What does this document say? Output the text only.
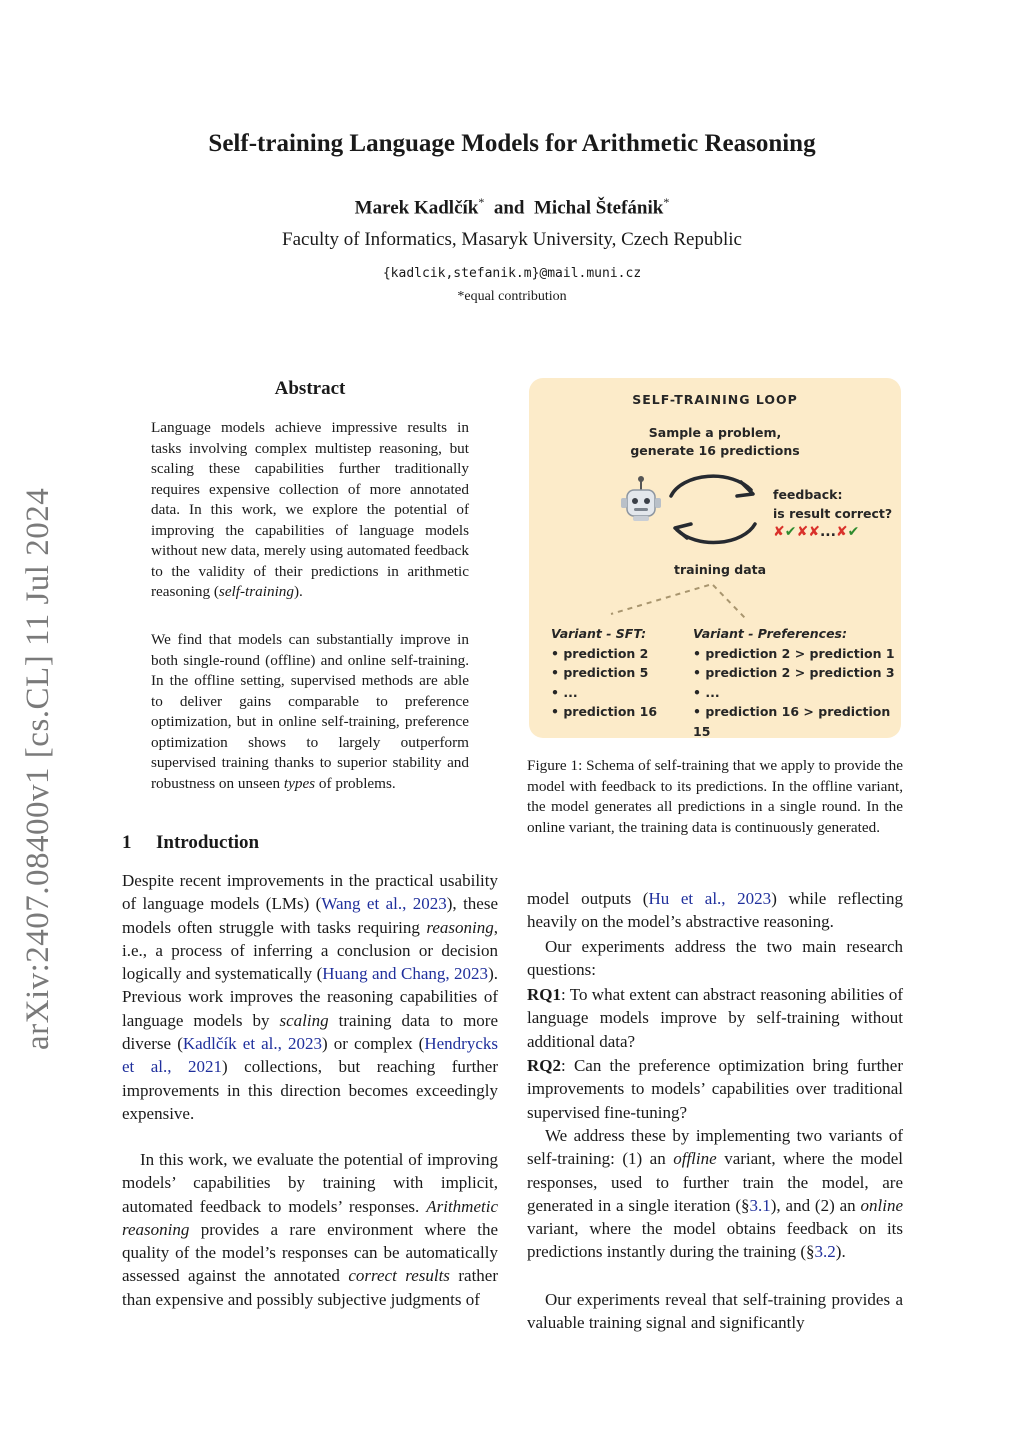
Self-training Language Models for Arithmetic Reasoning
Marek Kadlčík* and Michal Štefánik*
Faculty of Informatics, Masaryk University, Czech Republic
{kadlcik,stefanik.m}@mail.muni.cz
*equal contribution
arXiv:2407.08400v1 [cs.CL] 11 Jul 2024
Abstract
Language models achieve impressive results in tasks involving complex multistep reasoning, but scaling these capabilities further traditionally requires expensive collection of more annotated data. In this work, we explore the potential of improving the capabilities of language models without new data, merely using automated feedback to the validity of their predictions in arithmetic reasoning (self-training).
We find that models can substantially improve in both single-round (offline) and online self-training. In the offline setting, supervised methods are able to deliver gains comparable to preference optimization, but in online self-training, preference optimization shows to largely outperform supervised training thanks to superior stability and robustness on unseen types of problems.
1 Introduction
Despite recent improvements in the practical usability of language models (LMs) (Wang et al., 2023), these models often struggle with tasks requiring reasoning, i.e., a process of inferring a conclusion or decision logically and systematically (Huang and Chang, 2023). Previous work improves the reasoning capabilities of language models by scaling training data to more diverse (Kadlčík et al., 2023) or complex (Hendrycks et al., 2021) collections, but reaching further improvements in this direction becomes exceedingly expensive.
In this work, we evaluate the potential of improving models’ capabilities by training with implicit, automated feedback to models’ responses. Arithmetic reasoning provides a rare environment where the quality of the model’s responses can be automatically assessed against the annotated correct results rather than expensive and possibly subjective judgments of
SELF-TRAINING LOOP
Sample a problem,
generate 16 predictions
feedback:
is result correct?
✘✔✘✘...✘✔
training data
Variant - SFT:
• prediction 2
• prediction 5
• ...
• prediction 16
Variant - Preferences:
• prediction 2 > prediction 1
• prediction 2 > prediction 3
• ...
• prediction 16 > prediction 15
Figure 1: Schema of self-training that we apply to provide the model with feedback to its predictions. In the offline variant, the model generates all predictions in a single round. In the online variant, the training data is continuously generated.
model outputs (Hu et al., 2023) while reflecting heavily on the model’s abstractive reasoning.
Our experiments address the two main research questions:
RQ1: To what extent can abstract reasoning abilities of language models improve by self-training without additional data?
RQ2: Can the preference optimization bring further improvements to models’ capabilities over traditional supervised fine-tuning?
We address these by implementing two variants of self-training: (1) an offline variant, where the model responses, used to further train the model, are generated in a single iteration (§3.1), and (2) an online variant, where the model obtains feedback on its predictions instantly during the training (§3.2).
Our experiments reveal that self-training provides a valuable training signal and significantly
